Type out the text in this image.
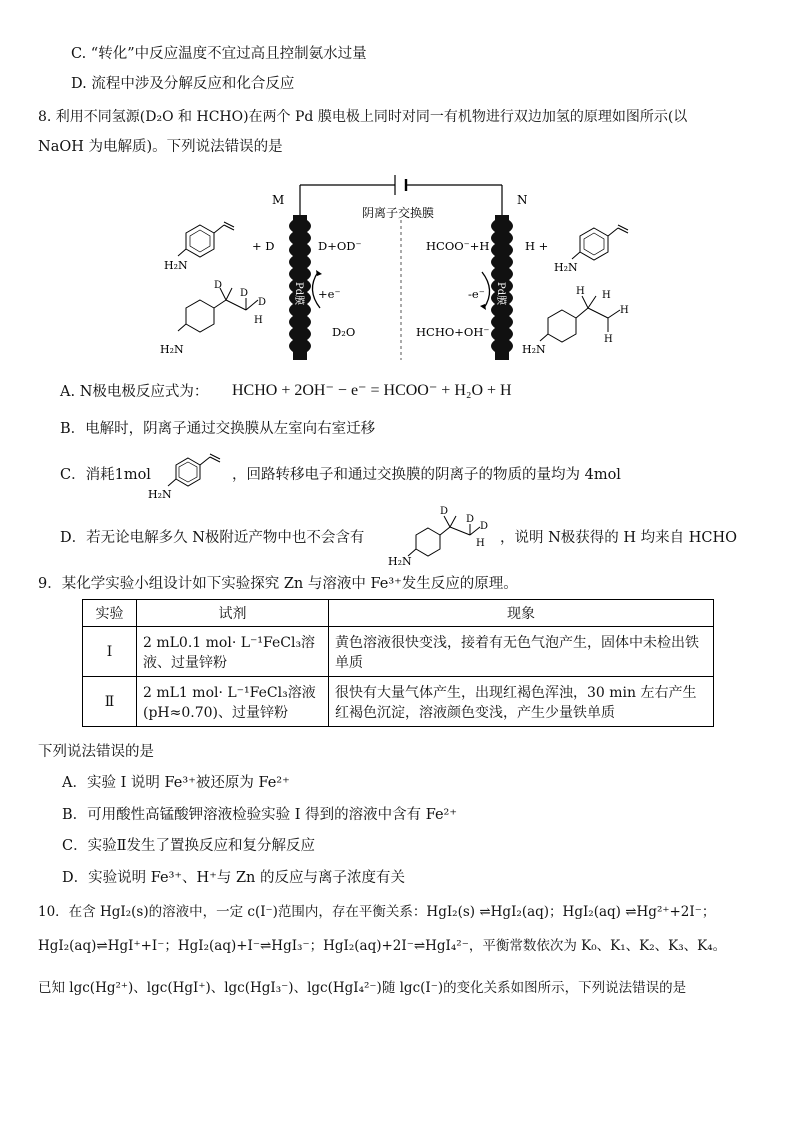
C. “转化”中反应温度不宜过高且控制氨水过量
D. 流程中涉及分解反应和化合反应
8. 利用不同氢源(D₂O 和 HCHO)在两个 Pd 膜电极上同时对同一有机物进行双边加氢的原理如图所示(以
NaOH 为电解质)。下列说法错误的是
M	N
阴离子交换膜
Pd膜	Pd膜
+ D	D+OD⁻
+e⁻
D₂O
HCOO⁻+H	H +
-e⁻
HCHO+OH⁻
H₂N
D
D
D
H
H₂N
H₂N
H H
H
H
H₂N
A. N极电极反应式为： HCHO + 2OH⁻ − e⁻ = HCOO⁻ + H₂O + H
B．电解时，阴离子通过交换膜从左室向右室迁移
C．消耗1mol
H₂N
，回路转移电子和通过交换膜的阴离子的物质的量均为 4mol
D．若无论电解多久 N极附近产物中也不会含有
D
D
D
H
H₂N
，说明 N极获得的 H 均来自 HCHO
9．某化学实验小组设计如下实验探究 Zn 与溶液中 Fe³⁺发生反应的原理。
实验	试剂	现象
I	2 mL0.1 mol· L⁻¹FeCl₃溶液、过量锌粉	黄色溶液很快变浅，接着有无色气泡产生，固体中未检出铁单质
Ⅱ	2 mL1 mol· L⁻¹FeCl₃溶液(pH≈0.70)、过量锌粉	很快有大量气体产生，出现红褐色浑浊，30 min 左右产生红褐色沉淀，溶液颜色变浅，产生少量铁单质
下列说法错误的是
A．实验 I 说明 Fe³⁺被还原为 Fe²⁺
B．可用酸性高锰酸钾溶液检验实验 I 得到的溶液中含有 Fe²⁺
C．实验Ⅱ发生了置换反应和复分解反应
D．实验说明 Fe³⁺、H⁺与 Zn 的反应与离子浓度有关
10．在含 HgI₂(s)的溶液中，一定 c(I⁻)范围内，存在平衡关系：HgI₂(s) ⇌HgI₂(aq)；HgI₂(aq) ⇌Hg²⁺+2I⁻；
HgI₂(aq)⇌HgI⁺+I⁻；HgI₂(aq)+I⁻⇌HgI₃⁻；HgI₂(aq)+2I⁻⇌HgI₄²⁻，平衡常数依次为 K₀、K₁、K₂、K₃、K₄。
已知 lgc(Hg²⁺)、lgc(HgI⁺)、lgc(HgI₃⁻)、lgc(HgI₄²⁻)随 lgc(I⁻)的变化关系如图所示，下列说法错误的是
